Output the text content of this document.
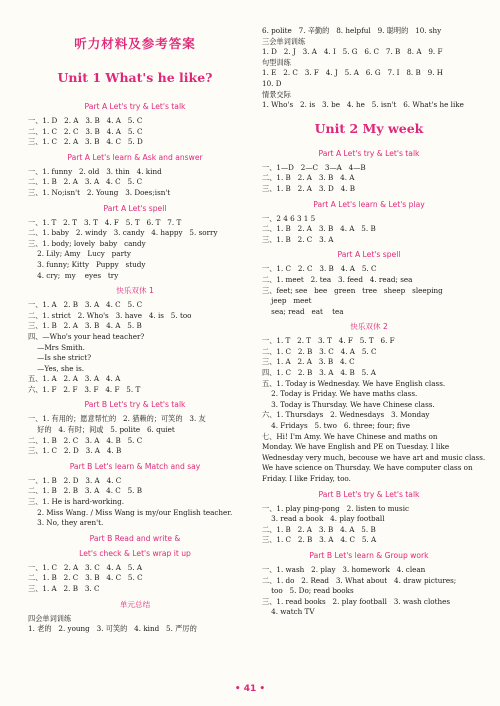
听力材料及参考答案
Unit 1 What's he like?
Part A Let's try & Let's talk
一、1. D   2. A   3. B   4. A   5. C
二、1. C   2. C   3. B   4. A   5. C
三、1. C   2. A   3. B   4. C   5. D
Part A Let's learn & Ask and answer
一、1. funny   2. old   3. thin   4. kind
二、1. B   2. A   3. A   4. C   5. C
三、1. No;isn't   2. Young   3. Does;isn't
Part A Let's spell
一、1. T   2. T   3. T   4. F   5. T   6. T   7. T
二、1. baby   2. windy   3. candy   4. happy   5. sorry
三、1. body; lovely  baby   candy
2. Lily; Amy   Lucy   party
3. funny; Kitty   Puppy   study
4. cry;  my    eyes   try
快乐双休 1
一、1. A   2. B   3. A   4. C   5. C
二、1. strict   2. Who's   3. have   4. is   5. too
三、1. B   2. A   3. B   4. A   5. B
四、—Who's your head teacher?
—Mrs Smith.
—Is she strict?
—Yes, she is.
五、1. A   2. A   3. A   4. A
六、1. F   2. F   3. F   4. F   5. T
Part B Let's try & Let's talk
一、1. 有用的；愿意帮忙的   2. 猎赖的；可笑的   3. 友
好的   4. 有时；间或   5. polite   6. quiet
二、1. B   2. C   3. A   4. B   5. C
三、1. C   2. D   3. A   4. B
Part B Let's learn & Match and say
一、1. B   2. D   3. A   4. C
二、1. B   2. B   3. A   4. C   5. B
三、1. He is hard-working.
2. Miss Wang. / Miss Wang is my/our English teacher.
3. No, they aren't.
Part B Read and write &
Let's check & Let's wrap it up
一、1. C   2. A   3. C   4. A   5. A
二、1. B   2. C   3. B   4. C   5. C
三、1. A   2. B   3. C
单元总结
四会单词训练
1. 老的   2. young   3. 可笑的   4. kind   5. 严厉的
6. polite   7. 辛勤的   8. helpful   9. 聪明的   10. shy
三会单词训练
1. D   2. J   3. A   4. I   5. G   6. C   7. B   8. A   9. F
句型训练
1. E   2. C   3. F   4. J   5. A   6. G   7. I   8. B   9. H
10. D
情景交际
1. Who's   2. is   3. be   4. he   5. isn't   6. What's he like
Unit 2 My week
Part A Let's try & Let's talk
一、1—D   2—C   3—A   4—B
二、1. B   2. A   3. B   4. A
三、1. B   2. A   3. D   4. B
Part A Let's learn & Let's play
一、2 4 6 3 1 5
二、1. B   2. A   3. B   4. A   5. B
三、1. B   2. C   3. A
Part A Let's spell
一、1. C   2. C   3. B   4. A   5. C
二、1. meet   2. tea   3. feed   4. read; sea
三、feet; see   bee   green   tree   sheep   sleeping
jeep   meet
sea; read   eat    tea
快乐双休 2
一、1. T   2. T   3. T   4. F   5. T   6. F
二、1. C   2. B   3. C   4. A   5. C
三、1. A   2. A   3. B   4. C
四、1. C   2. B   3. A   4. B   5. A
五、1. Today is Wednesday. We have English class.
2. Today is Friday. We have maths class.
3. Today is Thursday. We have Chinese class.
六、1. Thursdays   2. Wednesdays   3. Monday
4. Fridays   5. two   6. three; four; five
七、Hi! I'm Amy. We have Chinese and maths on
Monday. We have English and PE on Tuesday. I like
Wednesday very much, becouse we have art and music class.
We have science on Thursday. We have computer class on
Friday. I like Friday, too.
Part B Let's try & Let's talk
一、1. play ping-pong   2. listen to music
3. read a book   4. play football
二、1. B   2. A   3. B   4. A   5. B
三、1. C   2. B   3. A   4. C   5. A
Part B Let's learn & Group work
一、1. wash   2. play   3. homework   4. clean
二、1. do   2. Read   3. What about   4. draw pictures;
too   5. Do; read books
三、1. read books   2. play football   3. wash clothes
4. watch TV
• 41 •
